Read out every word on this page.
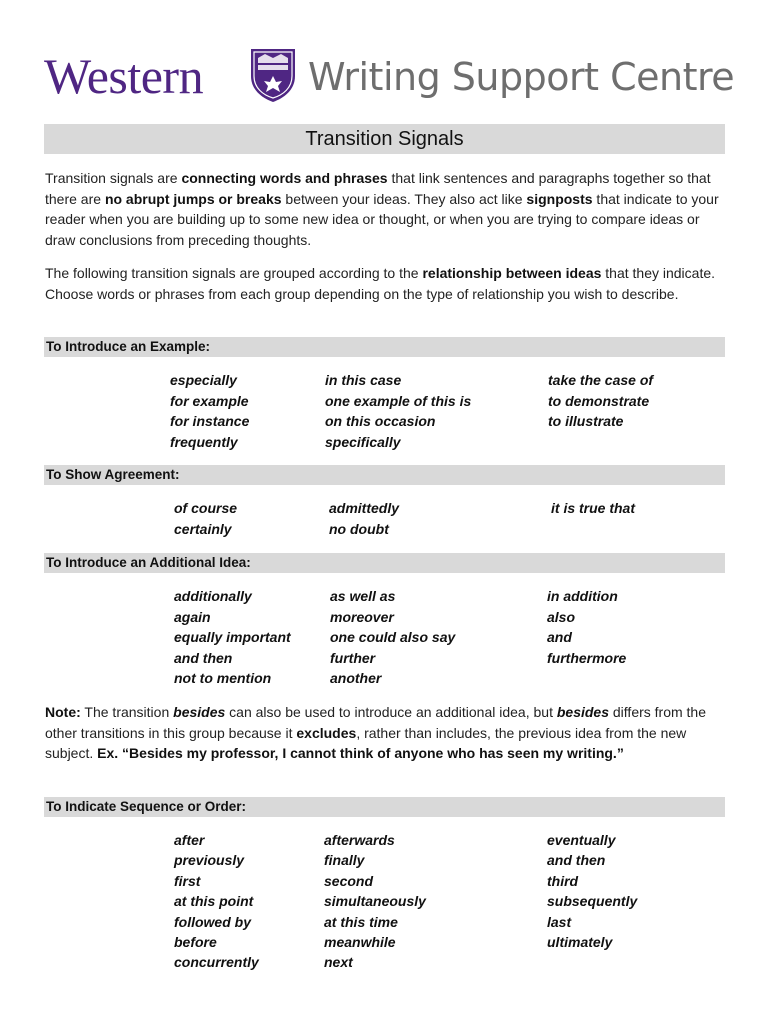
Western	Writing Support Centre
Transition Signals

Transition signals are connecting words and phrases that link sentences and paragraphs together so that there are no abrupt jumps or breaks between your ideas. They also act like signposts that indicate to your reader when you are building up to some new idea or thought, or when you are trying to compare ideas or draw conclusions from preceding thoughts.

The following transition signals are grouped according to the relationship between ideas that they indicate. Choose words or phrases from each group depending on the type of relationship you wish to describe.

To Introduce an Example:
To Show Agreement:
To Introduce an Additional Idea:

Note: The transition besides can also be used to introduce an additional idea, but besides differs from the other transitions in this group because it excludes, rather than includes, the previous idea from the new subject. Ex. “Besides my professor, I cannot think of anyone who has seen my writing.”

To Indicate Sequence or Order:
especially
for example
for instance
frequently
in this case
one example of this is
on this occasion
specifically
take the case of
to demonstrate
to illustrate
of course
certainly
admittedly
no doubt
it is true that
additionally
again
equally important
and then
not to mention
as well as
moreover
one could also say
further
another
in addition
also
and
furthermore
after
previously
first
at this point
followed by
before
concurrently
afterwards
finally
second
simultaneously
at this time
meanwhile
next
eventually
and then
third
subsequently
last
ultimately
